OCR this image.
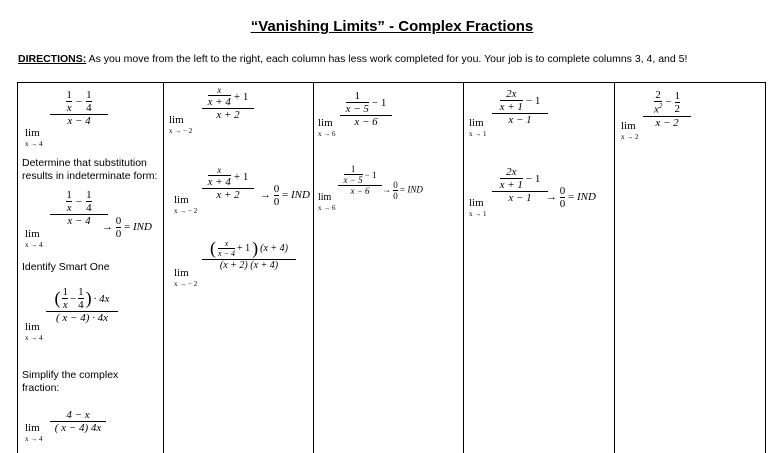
“Vanishing Limits” - Complex Fractions
DIRECTIONS: As you move from the left to the right, each column has less work completed for you. Your job is to complete columns 3, 4, and 5!
lim
x → 4
1
x
− $\frac{1}{4}$
x − 4
Determine that substitution results in indeterminate form:
lim
x → 4
1
x
− $\frac{1}{4}$
x − 4
→ $\frac{0}{0}$ = IND
Identify Smart One
lim
x → 4
( 1
x
− $\frac{1}{4}$ ) · 4x
( x − 4) · 4x
Simplify the complex fraction:
lim
x → 4
$\frac{4 - x}{( x - 4) 4x}$
lim
x → − 2
x
x + 4 + 1
x + 2
lim
x → − 2
x
x + 4 + 1
$x + 2 \to \frac{0}{0}$ = IND
lim
x → − 2
(	x
x − 4 + 1 ) (x + 4)
(x + 2) (x + 4)
lim
x → 6
1
x − 5
− 1
x − 6
lim
x → 6
1
x − 5
− 1
$x - 6 \to \frac{0}{0}$ = IND
lim
x → 1
2x
x + 1
− 1
x − 1
lim
x → 1
2x
x + 1
− 1
x − 1
→ $\frac{0}{0}$ = IND
lim
x → 2
2
$x^2 - \frac{1}{2}$
x − 2
